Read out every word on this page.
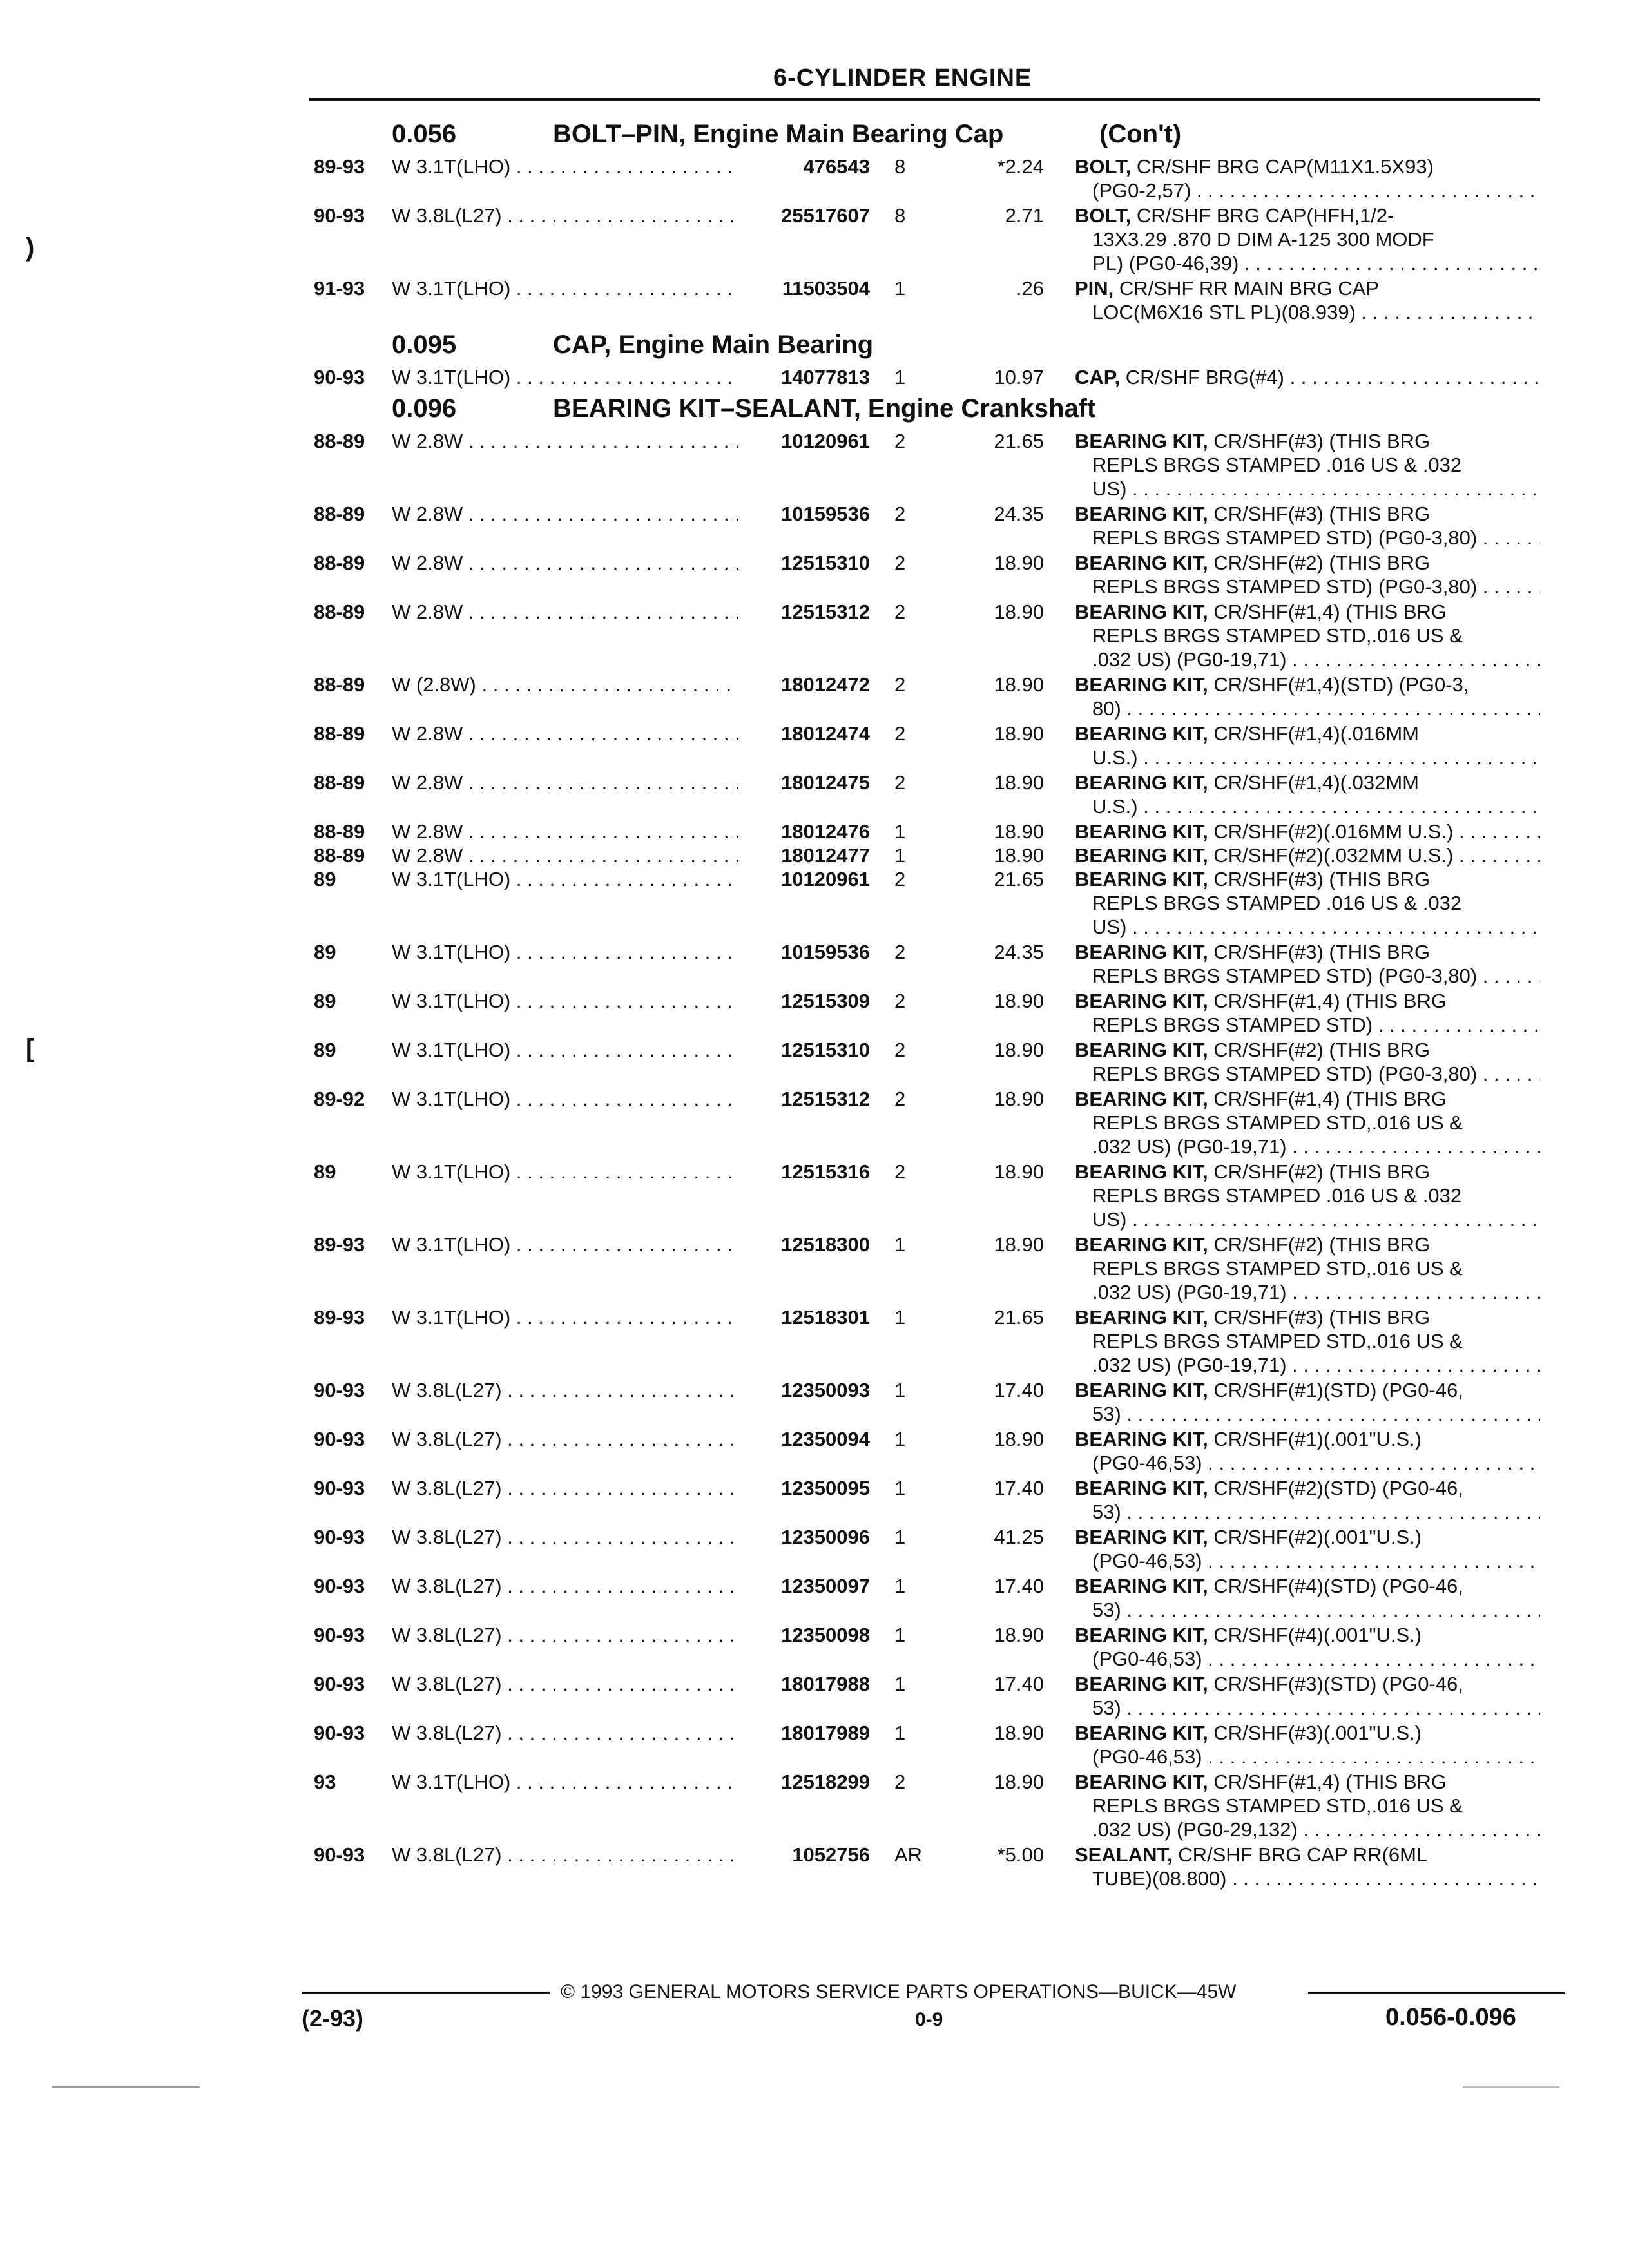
6-CYLINDER ENGINE
)
[
0.056	BOLT–PIN, Engine Main Bearing Cap	(Con't)
89-93 W 3.1T(LHO) . . .	476543 8	*2.24 BOLT, CR/SHF BRG CAP(M11X1.5X93)
(PG0-2,57) . . .
90-93 W 3.8L(L27) . . .	25517607 8	2.71 BOLT, CR/SHF BRG CAP(HFH,1/2-
13X3.29 .870 D DIM A-125 300 MODF
PL) (PG0-46,39) . . .
91-93 W 3.1T(LHO) . . .	11503504 1	.26 PIN, CR/SHF RR MAIN BRG CAP
LOC(M6X16 STL PL)(08.939) . . .
0.095	CAP, Engine Main Bearing
90-93 W 3.1T(LHO) . . .	14077813 1	10.97 CAP, CR/SHF BRG(#4) . . .
0.096	BEARING KIT–SEALANT, Engine Crankshaft
88-89 W 2.8W . . .	10120961 2	21.65 BEARING KIT, CR/SHF(#3) (THIS BRG
REPLS BRGS STAMPED .016 US & .032
US) . . .
88-89 W 2.8W . . .	10159536 2	24.35 BEARING KIT, CR/SHF(#3) (THIS BRG
REPLS BRGS STAMPED STD) (PG0-3,80) . . .
88-89 W 2.8W . . .	12515310 2	18.90 BEARING KIT, CR/SHF(#2) (THIS BRG
REPLS BRGS STAMPED STD) (PG0-3,80) . . .
88-89 W 2.8W . . .	12515312 2	18.90 BEARING KIT, CR/SHF(#1,4) (THIS BRG
REPLS BRGS STAMPED STD,.016 US &
.032 US) (PG0-19,71) . . .
88-89 W (2.8W) . . .	18012472 2	18.90 BEARING KIT, CR/SHF(#1,4)(STD) (PG0-3,
80) . . .
88-89 W 2.8W . . .	18012474 2	18.90 BEARING KIT, CR/SHF(#1,4)(.016MM
U.S.) . . .
88-89 W 2.8W . . .	18012475 2	18.90 BEARING KIT, CR/SHF(#1,4)(.032MM
U.S.) . . .
88-89 W 2.8W . . .	18012476 1	18.90 BEARING KIT, CR/SHF(#2)(.016MM U.S.) . . .
88-89 W 2.8W . . .	18012477 1	18.90 BEARING KIT, CR/SHF(#2)(.032MM U.S.) . . .
89	W 3.1T(LHO) . . .	10120961 2	21.65 BEARING KIT, CR/SHF(#3) (THIS BRG
REPLS BRGS STAMPED .016 US & .032
US) . . .
89	W 3.1T(LHO) . . .	10159536 2	24.35 BEARING KIT, CR/SHF(#3) (THIS BRG
REPLS BRGS STAMPED STD) (PG0-3,80) . . .
89	W 3.1T(LHO) . . .	12515309 2	18.90 BEARING KIT, CR/SHF(#1,4) (THIS BRG
REPLS BRGS STAMPED STD) . . .
89	W 3.1T(LHO) . . .	12515310 2	18.90 BEARING KIT, CR/SHF(#2) (THIS BRG
REPLS BRGS STAMPED STD) (PG0-3,80) . . .
89-92 W 3.1T(LHO) . . .	12515312 2	18.90 BEARING KIT, CR/SHF(#1,4) (THIS BRG
REPLS BRGS STAMPED STD,.016 US &
.032 US) (PG0-19,71) . . .
89	W 3.1T(LHO) . . .	12515316 2	18.90 BEARING KIT, CR/SHF(#2) (THIS BRG
REPLS BRGS STAMPED .016 US & .032
US) . . .
89-93 W 3.1T(LHO) . . .	12518300 1	18.90 BEARING KIT, CR/SHF(#2) (THIS BRG
REPLS BRGS STAMPED STD,.016 US &
.032 US) (PG0-19,71) . . .
89-93 W 3.1T(LHO) . . .	12518301 1	21.65 BEARING KIT, CR/SHF(#3) (THIS BRG
REPLS BRGS STAMPED STD,.016 US &
.032 US) (PG0-19,71) . . .
90-93 W 3.8L(L27) . . .	12350093 1	17.40 BEARING KIT, CR/SHF(#1)(STD) (PG0-46,
53) . . .
90-93 W 3.8L(L27) . . .	12350094 1	18.90 BEARING KIT, CR/SHF(#1)(.001"U.S.)
(PG0-46,53) . . .
90-93 W 3.8L(L27) . . .	12350095 1	17.40 BEARING KIT, CR/SHF(#2)(STD) (PG0-46,
53) . . .
90-93 W 3.8L(L27) . . .	12350096 1	41.25 BEARING KIT, CR/SHF(#2)(.001"U.S.)
(PG0-46,53) . . .
90-93 W 3.8L(L27) . . .	12350097 1	17.40 BEARING KIT, CR/SHF(#4)(STD) (PG0-46,
53) . . .
90-93 W 3.8L(L27) . . .	12350098 1	18.90 BEARING KIT, CR/SHF(#4)(.001"U.S.)
(PG0-46,53) . . .
90-93 W 3.8L(L27) . . .	18017988 1	17.40 BEARING KIT, CR/SHF(#3)(STD) (PG0-46,
53) . . .
90-93 W 3.8L(L27) . . .	18017989 1	18.90 BEARING KIT, CR/SHF(#3)(.001"U.S.)
(PG0-46,53) . . .
93	W 3.1T(LHO) . . .	12518299 2	18.90 BEARING KIT, CR/SHF(#1,4) (THIS BRG
REPLS BRGS STAMPED STD,.016 US &
.032 US) (PG0-29,132) . . .
90-93 W 3.8L(L27) . . .	1052756 AR	*5.00 SEALANT, CR/SHF BRG CAP RR(6ML
TUBE)(08.800) . . .
© 1993 GENERAL MOTORS SERVICE PARTS OPERATIONS—BUICK—45W
(2-93)	0-9	0.056-0.096
